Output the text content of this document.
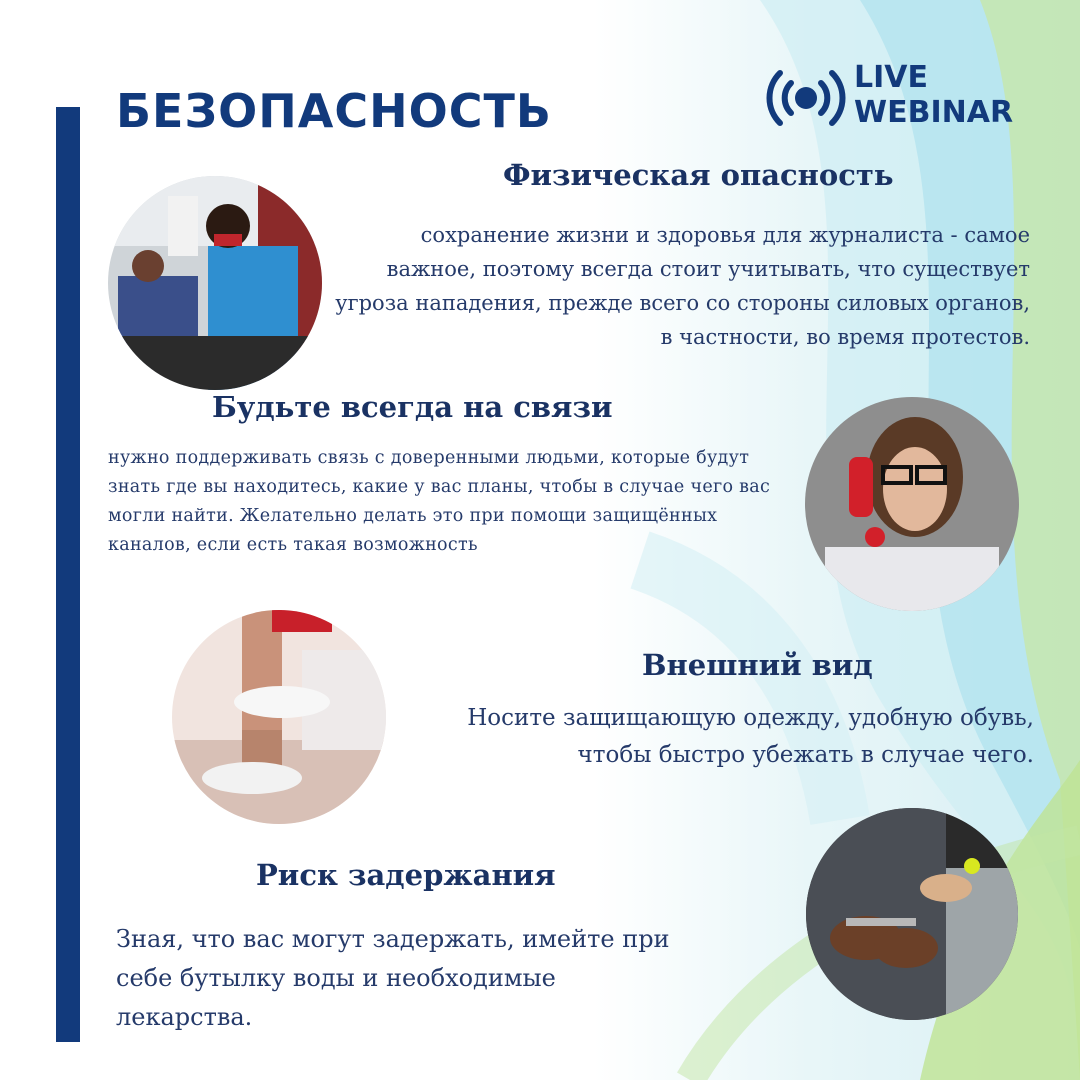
БЕЗОПАСНОСТЬ
LIVE
WEBINAR
Физическая опасность

сохранение жизни и здоровья для журналиста - самое важное, поэтому всегда стоит учитывать, что существует угроза нападения, прежде всего со стороны силовых органов, в частности, во время протестов.

Будьте всегда на связи

нужно поддерживать связь с доверенными людьми, которые будут знать где вы находитесь, какие у вас планы, чтобы в случае чего вас могли найти. Желательно делать это при помощи защищённых каналов, если есть такая возможность

Внешний вид

Носите защищающую одежду, удобную обувь, чтобы быстро убежать в случае чего.

Риск задержания

Зная, что вас могут задержать, имейте при себе бутылку воды и необходимые лекарства.
